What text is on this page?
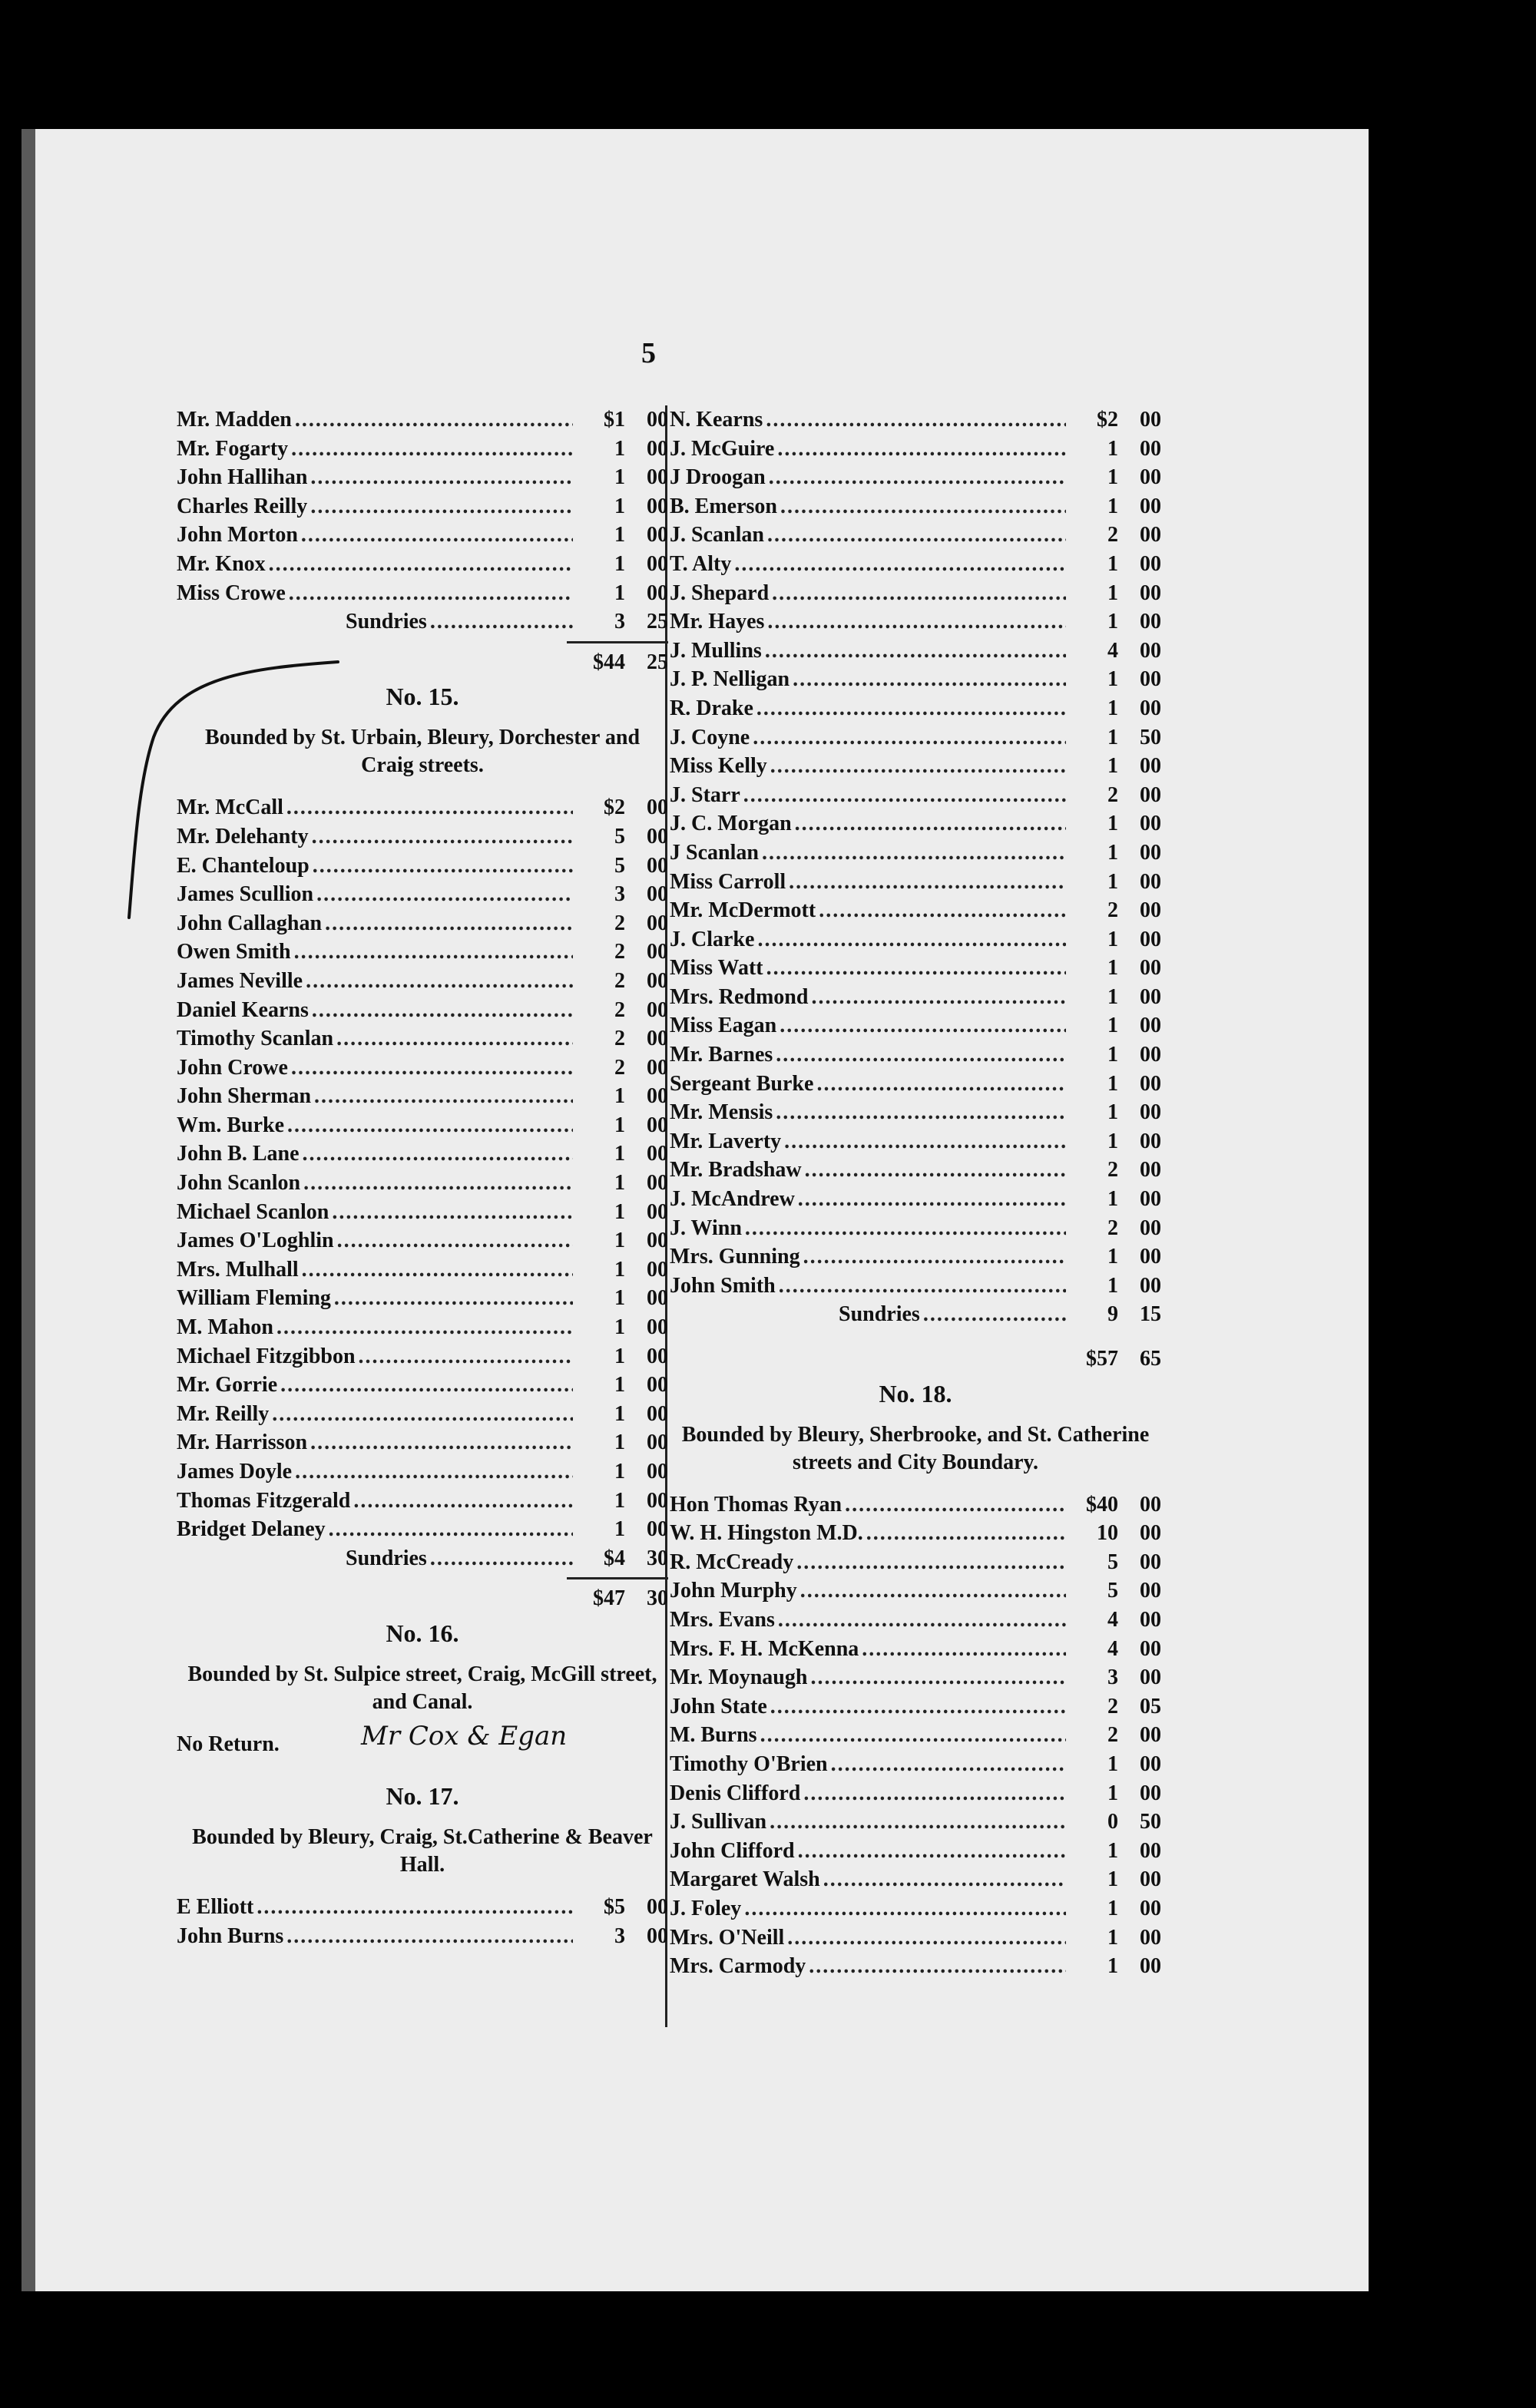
5
Mr. Madden .....	$1	00
Mr. Fogarty .....	1	00
John Hallihan .....	1	00
Charles Reilly .....	1	00
John Morton .....	1	00
Mr. Knox .....	1	00
Miss Crowe .....	1	00
Sundries .....	3	25
$44	25
No. 15.
Bounded by St. Urbain, Bleury, Dorchester and Craig streets.
Mr. McCall .....	$2	00
Mr. Delehanty .....	5	00
E. Chanteloup .....	5	00
James Scullion .....	3	00
John Callaghan .....	2	00
Owen Smith .....	2	00
James Neville .....	2	00
Daniel Kearns .....	2	00
Timothy Scanlan .....	2	00
John Crowe .....	2	00
John Sherman .....	1	00
Wm. Burke .....	1	00
John B. Lane .....	1	00
John Scanlon .....	1	00
Michael Scanlon .....	1	00
James O'Loghlin .....	1	00
Mrs. Mulhall .....	1	00
William Fleming .....	1	00
M. Mahon .....	1	00
Michael Fitzgibbon .....	1	00
Mr. Gorrie .....	1	00
Mr. Reilly .....	1	00
Mr. Harrisson .....	1	00
James Doyle .....	1	00
Thomas Fitzgerald .....	1	00
Bridget Delaney .....	1	00
Sundries .....	$4	30
$47	30
No. 16.
Bounded by St. Sulpice street, Craig, McGill street, and Canal.
No Return.	Mr Cox & Egan
No. 17.
Bounded by Bleury, Craig, St.Catherine & Beaver Hall.
E Elliott .....	$5	00
John Burns .....	3	00
N. Kearns .....	$2	00
J. McGuire .....	1	00
J Droogan .....	1	00
B. Emerson .....	1	00
J. Scanlan .....	2	00
T. Alty .....	1	00
J. Shepard .....	1	00
Mr. Hayes .....	1	00
J. Mullins .....	4	00
J. P. Nelligan .....	1	00
R. Drake .....	1	00
J. Coyne .....	1	50
Miss Kelly .....	1	00
J. Starr .....	2	00
J. C. Morgan .....	1	00
J Scanlan .....	1	00
Miss Carroll .....	1	00
Mr. McDermott .....	2	00
J. Clarke .....	1	00
Miss Watt .....	1	00
Mrs. Redmond .....	1	00
Miss Eagan .....	1	00
Mr. Barnes .....	1	00
Sergeant Burke .....	1	00
Mr. Mensis .....	1	00
Mr. Laverty .....	1	00
Mr. Bradshaw .....	2	00
J. McAndrew .....	1	00
J. Winn .....	2	00
Mrs. Gunning .....	1	00
John Smith .....	1	00
Sundries .....	9	15
$57	65
No. 18.
Bounded by Bleury, Sherbrooke, and St. Catherine streets and City Boundary.
Hon Thomas Ryan .....	$40	00
W. H. Hingston M.D. .....	10	00
R. McCready .....	5	00
John Murphy .....	5	00
Mrs. Evans .....	4	00
Mrs. F. H. McKenna .....	4	00
Mr. Moynaugh .....	3	00
John State .....	2	05
M. Burns .....	2	00
Timothy O'Brien .....	1	00
Denis Clifford .....	1	00
J. Sullivan .....	0	50
John Clifford .....	1	00
Margaret Walsh .....	1	00
J. Foley .....	1	00
Mrs. O'Neill .....	1	00
Mrs. Carmody .....	1	00
